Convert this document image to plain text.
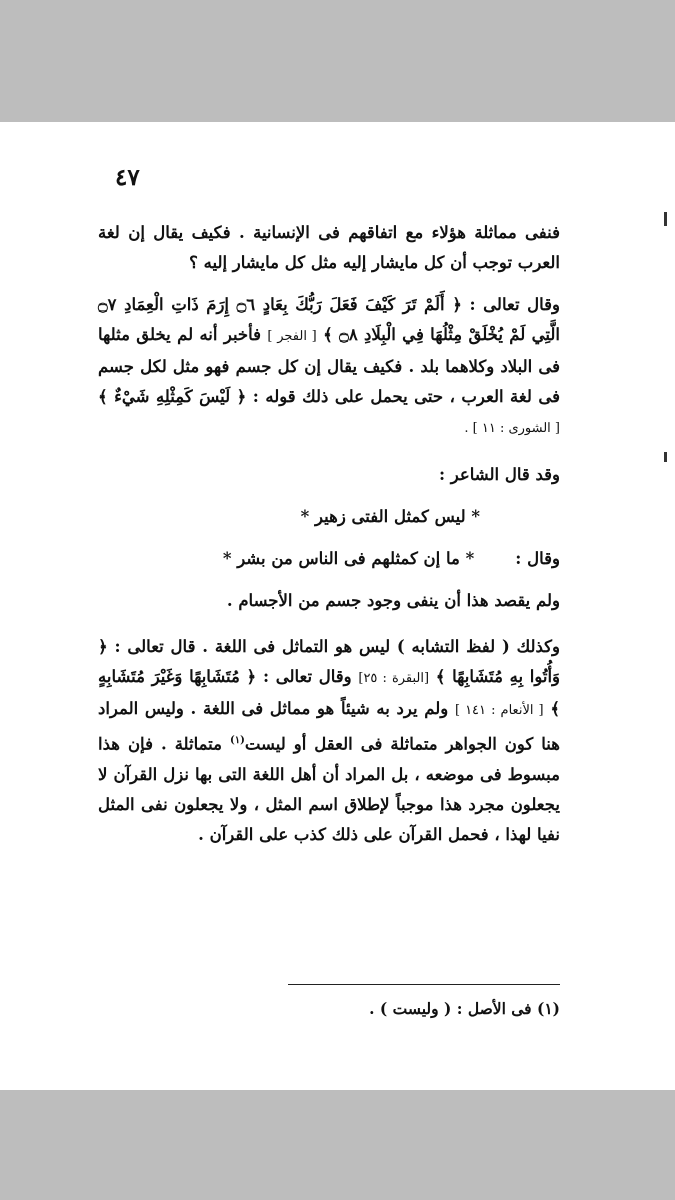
٤٧

فنفى مماثلة هؤلاء مع اتفاقهم فى الإنسانية . فكيف يقال إن لغة العرب توجب أن كل مايشار إليه مثل كل مايشار إليه ؟

وقال تعالى : ﴿ أَلَمْ تَرَ كَيْفَ فَعَلَ رَبُّكَ بِعَادٍ ۝٦ إِرَمَ ذَاتِ الْعِمَادِ ۝٧ الَّتِي لَمْ يُخْلَقْ مِثْلُهَا فِي الْبِلَادِ ۝٨ ﴾ [ الفجر ] فأخبر أنه لم يخلق مثلها فى البلاد وكلاهما بلد . فكيف يقال إن كل جسم فهو مثل لكل جسم فى لغة العرب ، حتى يحمل على ذلك قوله : ﴿ لَيْسَ كَمِثْلِهِ شَيْءٌ ﴾ [ الشورى : ١١ ] .

وقد قال الشاعر :

* ليس كمثل الفتى زهير *

وقال : * ما إن كمثلهم فى الناس من بشر *

ولم يقصد هذا أن ينفى وجود جسم من الأجسام .

وكذلك ( لفظ التشابه ) ليس هو التماثل فى اللغة . قال تعالى : ﴿ وَأُتُوا بِهِ مُتَشَابِهًا ﴾ [البقرة : ٢٥] وقال تعالى : ﴿ مُتَشَابِهًا وَغَيْرَ مُتَشَابِهٍ ﴾ [ الأنعام : ١٤١ ] ولم يرد به شيئاً هو مماثل فى اللغة . وليس المراد هنا كون الجواهر متماثلة فى العقل أو ليست$^{(١)}$ متماثلة . فإن هذا مبسوط فى موضعه ، بل المراد أن أهل اللغة التى بها نزل القرآن لا يجعلون مجرد هذا موجباً لإطلاق اسم المثل ، ولا يجعلون نفى المثل نفيا لهذا ، فحمل القرآن على ذلك كذب على القرآن .

(١) فى الأصل : ( وليست ) .
